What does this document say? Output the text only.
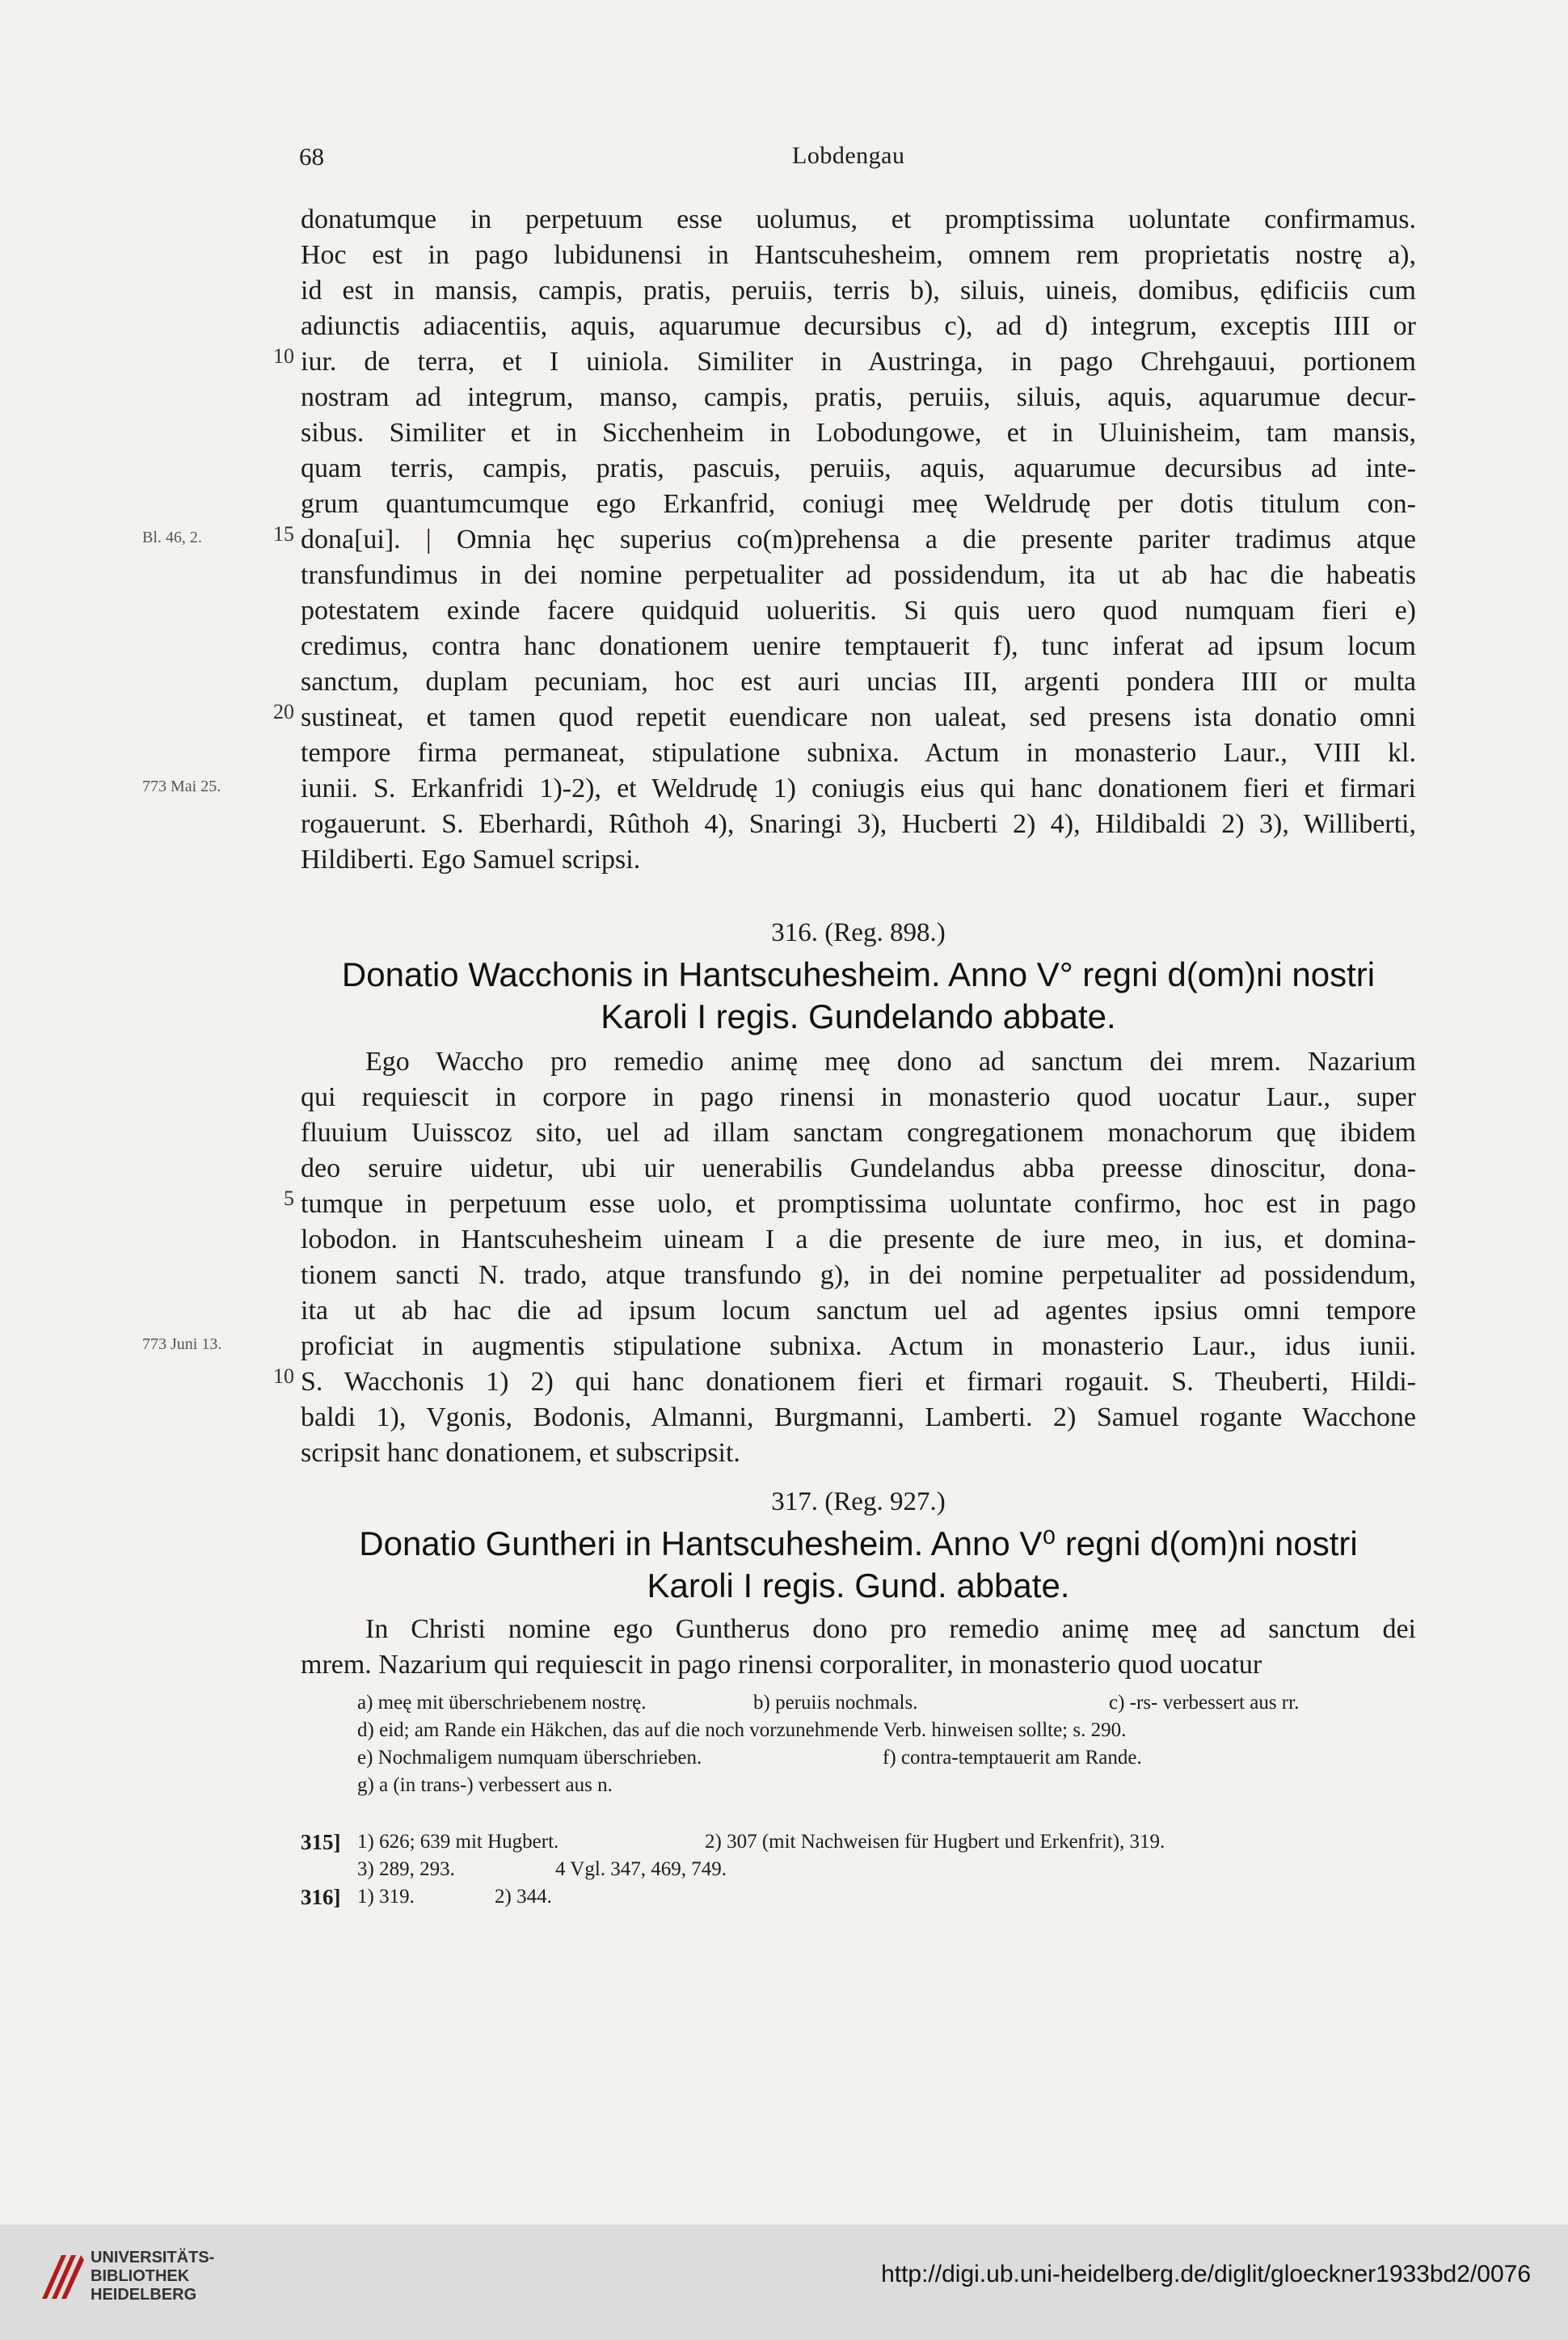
68	Lobdengau
donatumque in perpetuum esse uolumus, et promptissima uoluntate confirmamus.
Hoc est in pago lubidunensi in Hantscuhesheim, omnem rem proprietatis nostrę a),
id est in mansis, campis, pratis, peruiis, terris b), siluis, uineis, domibus, ędificiis cum
adiunctis adiacentiis, aquis, aquarumue decursibus c), ad d) integrum, exceptis IIII or
iur. de terra, et I uiniola. Similiter in Austringa, in pago Chrehgauui, portionem
10
nostram ad integrum, manso, campis, pratis, peruiis, siluis, aquis, aquarumue decur-
sibus. Similiter et in Sicchenheim in Lobodungowe, et in Uluinisheim, tam mansis,
quam terris, campis, pratis, pascuis, peruiis, aquis, aquarumue decursibus ad inte-
grum quantumcumque ego Erkanfrid, coniugi meę Weldrudę per dotis titulum con-
dona[ui]. | Omnia hęc superius co(m)prehensa a die presente pariter tradimus atque
15
Bl. 46, 2.
transfundimus in dei nomine perpetualiter ad possidendum, ita ut ab hac die habeatis
potestatem exinde facere quidquid uolueritis. Si quis uero quod numquam fieri e)
credimus, contra hanc donationem uenire temptauerit f), tunc inferat ad ipsum locum
sanctum, duplam pecuniam, hoc est auri uncias III, argenti pondera IIII or multa
sustineat, et tamen quod repetit euendicare non ualeat, sed presens ista donatio omni
20
tempore firma permaneat, stipulatione subnixa. Actum in monasterio Laur., VIII kl.
iunii. S. Erkanfridi 1)-2), et Weldrudę 1) coniugis eius qui hanc donationem fieri et firmari
773 Mai 25.
rogauerunt. S. Eberhardi, Rûthoh 4), Snaringi 3), Hucberti 2) 4), Hildibaldi 2) 3), Williberti,
Hildiberti. Ego Samuel scripsi.
316. (Reg. 898.)
Donatio Wacchonis in Hantscuhesheim. Anno V° regni d(om)ni nostri
Karoli I regis. Gundelando abbate.
Ego Waccho pro remedio animę meę dono ad sanctum dei mrem. Nazarium
qui requiescit in corpore in pago rinensi in monasterio quod uocatur Laur., super
fluuium Uuisscoz sito, uel ad illam sanctam congregationem monachorum quę ibidem
deo seruire uidetur, ubi uir uenerabilis Gundelandus abba preesse dinoscitur, dona-
tumque in perpetuum esse uolo, et promptissima uoluntate confirmo, hoc est in pago
5
lobodon. in Hantscuhesheim uineam I a die presente de iure meo, in ius, et domina-
tionem sancti N. trado, atque transfundo g), in dei nomine perpetualiter ad possidendum,
ita ut ab hac die ad ipsum locum sanctum uel ad agentes ipsius omni tempore
proficiat in augmentis stipulatione subnixa. Actum in monasterio Laur., idus iunii.
773 Juni 13.
S. Wacchonis 1) 2) qui hanc donationem fieri et firmari rogauit. S. Theuberti, Hildi-
10
baldi 1), Vgonis, Bodonis, Almanni, Burgmanni, Lamberti. 2) Samuel rogante Wacchone
scripsit hanc donationem, et subscripsit.
317. (Reg. 927.)
Donatio Guntheri in Hantscuhesheim. Anno V⁰ regni d(om)ni nostri
Karoli I regis. Gund. abbate.
In Christi nomine ego Guntherus dono pro remedio animę meę ad sanctum dei
mrem. Nazarium qui requiescit in pago rinensi corporaliter, in monasterio quod uocatur
a) meę mit überschriebenem nostrę.	b) peruiis nochmals.	c) -rs- verbessert aus rr.
d) eid; am Rande ein Häkchen, das auf die noch vorzunehmende Verb. hinweisen sollte; s. 290.
e) Nochmaligem numquam überschrieben.	f) contra-temptauerit am Rande.
g) a (in trans-) verbessert aus n.
315] 1) 626; 639 mit Hugbert.	2) 307 (mit Nachweisen für Hugbert und Erkenfrit), 319.
3) 289, 293.	4 Vgl. 347, 469, 749.
316] 1) 319.	2) 344.
UNIVERSITÄTS-
BIBLIOTHEK
HEIDELBERG
http://digi.ub.uni-heidelberg.de/diglit/gloeckner1933bd2/0076
